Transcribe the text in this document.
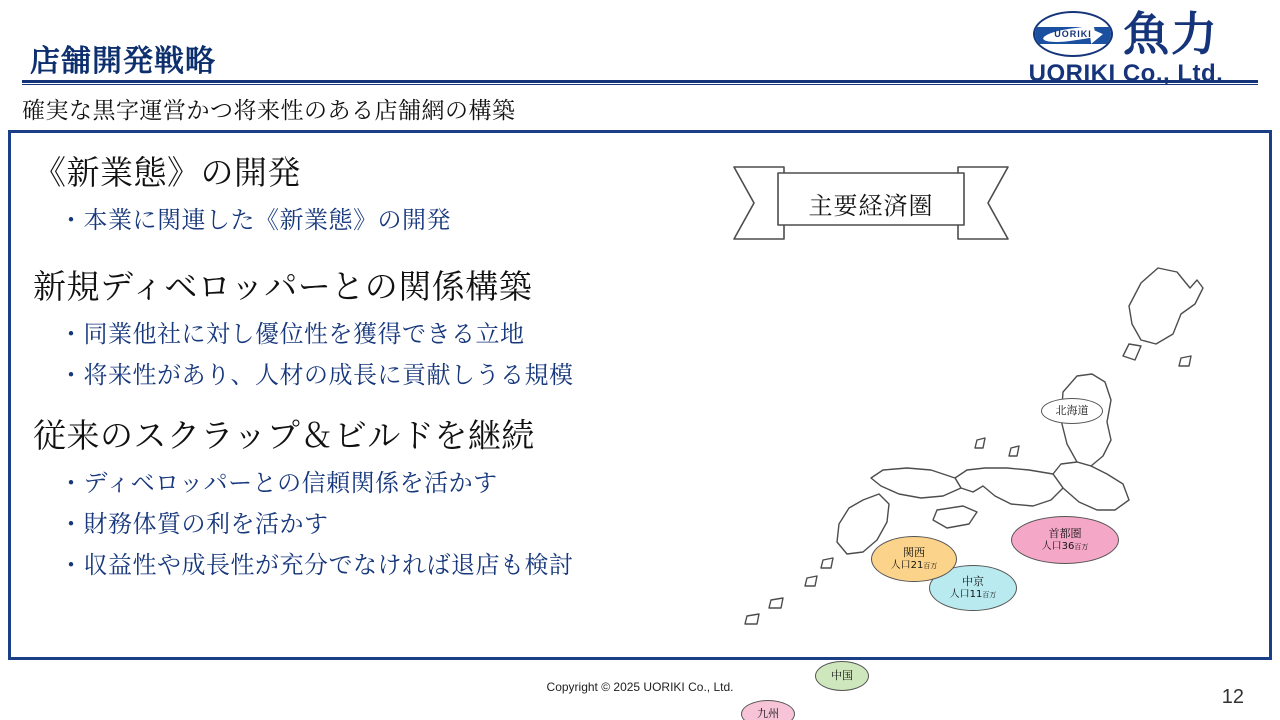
UORIKI 魚力
UORIKI Co., Ltd.
店舗開発戦略
確実な黒字運営かつ将来性のある店舗網の構築
《新業態》の開発
・本業に関連した《新業態》の開発
新規ディベロッパーとの関係構築
・同業他社に対し優位性を獲得できる立地
・将来性があり、人材の成長に貢献しうる規模
従来のスクラップ＆ビルドを継続
・ディベロッパーとの信頼関係を活かす
・財務体質の利を活かす
・収益性や成長性が充分でなければ退店も検討
北海道
中国
九州
首都圏
人口36百万
中京
人口11百万
関西
人口21百万
主要経済圏
Copyright © 2025 UORIKI Co., Ltd.	12
